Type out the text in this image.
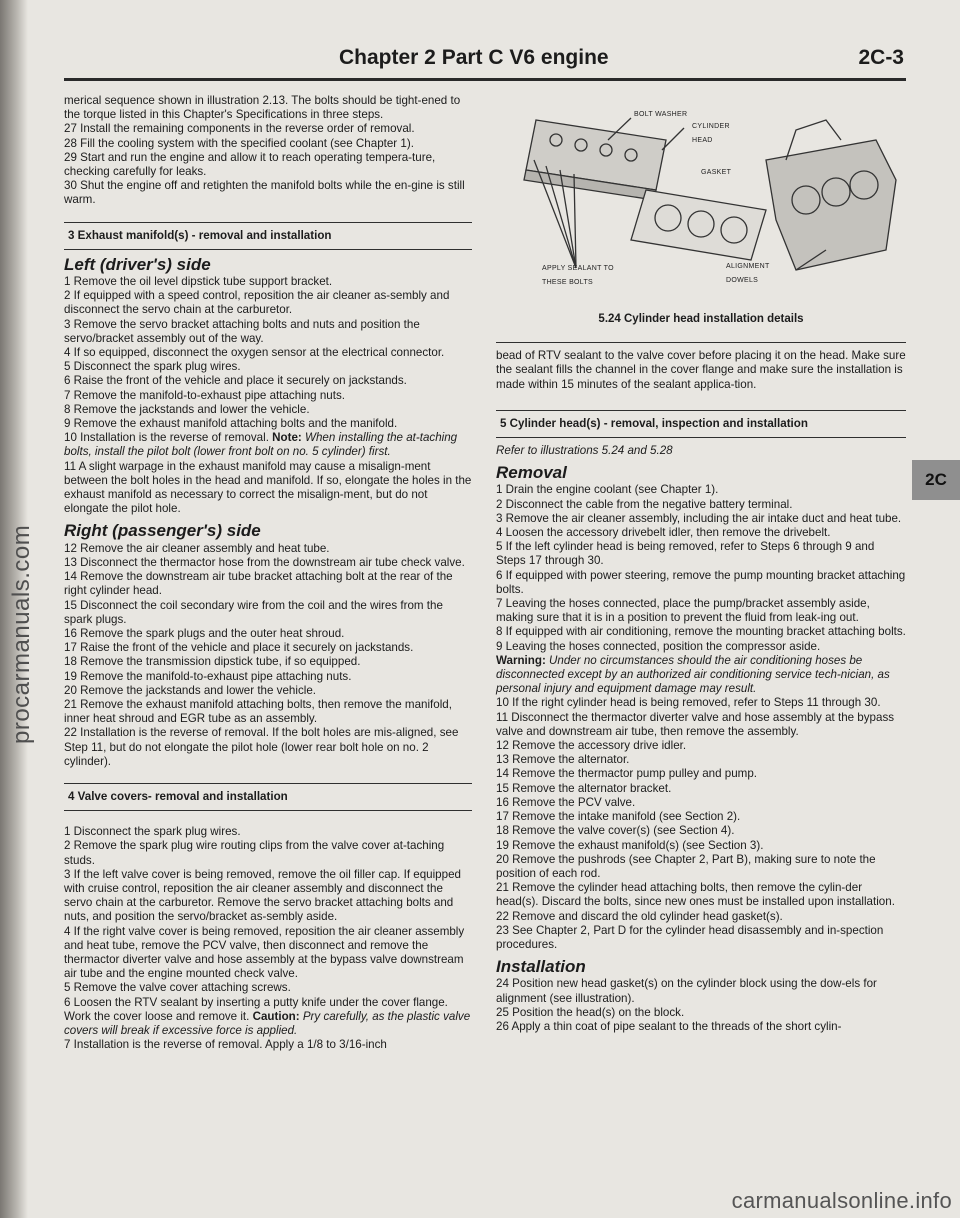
procarmanuals.com
Chapter 2 Part C V6 engine	2C-3

merical sequence shown in illustration 2.13. The bolts should be tight-ened to the torque listed in this Chapter's Specifications in three steps.

27 Install the remaining components in the reverse order of removal.

28 Fill the cooling system with the specified coolant (see Chapter 1).

29 Start and run the engine and allow it to reach operating tempera-ture, checking carefully for leaks.

30 Shut the engine off and retighten the manifold bolts while the en-gine is still warm.

3 Exhaust manifold(s) - removal and installation
Left (driver's) side

1 Remove the oil level dipstick tube support bracket.

2 If equipped with a speed control, reposition the air cleaner as-sembly and disconnect the servo chain at the carburetor.

3 Remove the servo bracket attaching bolts and nuts and position the servo/bracket assembly out of the way.

4 If so equipped, disconnect the oxygen sensor at the electrical connector.

5 Disconnect the spark plug wires.

6 Raise the front of the vehicle and place it securely on jackstands.

7 Remove the manifold-to-exhaust pipe attaching nuts.

8 Remove the jackstands and lower the vehicle.

9 Remove the exhaust manifold attaching bolts and the manifold.

10 Installation is the reverse of removal. Note: When installing the at-taching bolts, install the pilot bolt (lower front bolt on no. 5 cylinder) first.

11 A slight warpage in the exhaust manifold may cause a misalign-ment between the bolt holes in the head and manifold. If so, elongate the holes in the exhaust manifold as necessary to correct the misalign-ment, but do not elongate the pilot hole.

Right (passenger's) side

12 Remove the air cleaner assembly and heat tube.

13 Disconnect the thermactor hose from the downstream air tube check valve.

14 Remove the downstream air tube bracket attaching bolt at the rear of the right cylinder head.

15 Disconnect the coil secondary wire from the coil and the wires from the spark plugs.

16 Remove the spark plugs and the outer heat shroud.

17 Raise the front of the vehicle and place it securely on jackstands.

18 Remove the transmission dipstick tube, if so equipped.

19 Remove the manifold-to-exhaust pipe attaching nuts.

20 Remove the jackstands and lower the vehicle.

21 Remove the exhaust manifold attaching bolts, then remove the manifold, inner heat shroud and EGR tube as an assembly.

22 Installation is the reverse of removal. If the bolt holes are mis-aligned, see Step 11, but do not elongate the pilot hole (lower rear bolt hole on no. 2 cylinder).

4 Valve covers- removal and installation

1 Disconnect the spark plug wires.

2 Remove the spark plug wire routing clips from the valve cover at-taching studs.

3 If the left valve cover is being removed, remove the oil filler cap. If equipped with cruise control, reposition the air cleaner assembly and disconnect the servo chain at the carburetor. Remove the servo bracket attaching bolts and nuts, and position the servo/bracket as-sembly aside.

4 If the right valve cover is being removed, reposition the air cleaner assembly and heat tube, remove the PCV valve, then disconnect and remove the thermactor diverter valve and hose assembly at the bypass valve downstream air tube and the engine mounted check valve.

5 Remove the valve cover attaching screws.

6 Loosen the RTV sealant by inserting a putty knife under the cover flange. Work the cover loose and remove it. Caution: Pry carefully, as the plastic valve covers will break if excessive force is applied.

7 Installation is the reverse of removal. Apply a 1/8 to 3/16-inch

BOLT WASHER
CYLINDER HEAD
GASKET
APPLY SEALANT TO THESE BOLTS
ALIGNMENT DOWELS
5.24 Cylinder head installation details

bead of RTV sealant to the valve cover before placing it on the head. Make sure the sealant fills the channel in the cover flange and make sure the installation is made within 15 minutes of the sealant applica-tion.

5 Cylinder head(s) - removal, inspection and installation

Refer to illustrations 5.24 and 5.28

Removal

1 Drain the engine coolant (see Chapter 1).

2 Disconnect the cable from the negative battery terminal.

3 Remove the air cleaner assembly, including the air intake duct and heat tube.

4 Loosen the accessory drivebelt idler, then remove the drivebelt.

5 If the left cylinder head is being removed, refer to Steps 6 through 9 and Steps 17 through 30.

6 If equipped with power steering, remove the pump mounting bracket attaching bolts.

7 Leaving the hoses connected, place the pump/bracket assembly aside, making sure that it is in a position to prevent the fluid from leak-ing out.

8 If equipped with air conditioning, remove the mounting bracket attaching bolts.

9 Leaving the hoses connected, position the compressor aside.

Warning: Under no circumstances should the air conditioning hoses be disconnected except by an authorized air conditioning service tech-nician, as personal injury and equipment damage may result.

10 If the right cylinder head is being removed, refer to Steps 11 through 30.

11 Disconnect the thermactor diverter valve and hose assembly at the bypass valve and downstream air tube, then remove the assembly.

12 Remove the accessory drive idler.

13 Remove the alternator.

14 Remove the thermactor pump pulley and pump.

15 Remove the alternator bracket.

16 Remove the PCV valve.

17 Remove the intake manifold (see Section 2).

18 Remove the valve cover(s) (see Section 4).

19 Remove the exhaust manifold(s) (see Section 3).

20 Remove the pushrods (see Chapter 2, Part B), making sure to note the position of each rod.

21 Remove the cylinder head attaching bolts, then remove the cylin-der head(s). Discard the bolts, since new ones must be installed upon installation.

22 Remove and discard the old cylinder head gasket(s).

23 See Chapter 2, Part D for the cylinder head disassembly and in-spection procedures.

Installation

24 Position new head gasket(s) on the cylinder block using the dow-els for alignment (see illustration).

25 Position the head(s) on the block.

26 Apply a thin coat of pipe sealant to the threads of the short cylin-

2C
carmanualsonline.info
